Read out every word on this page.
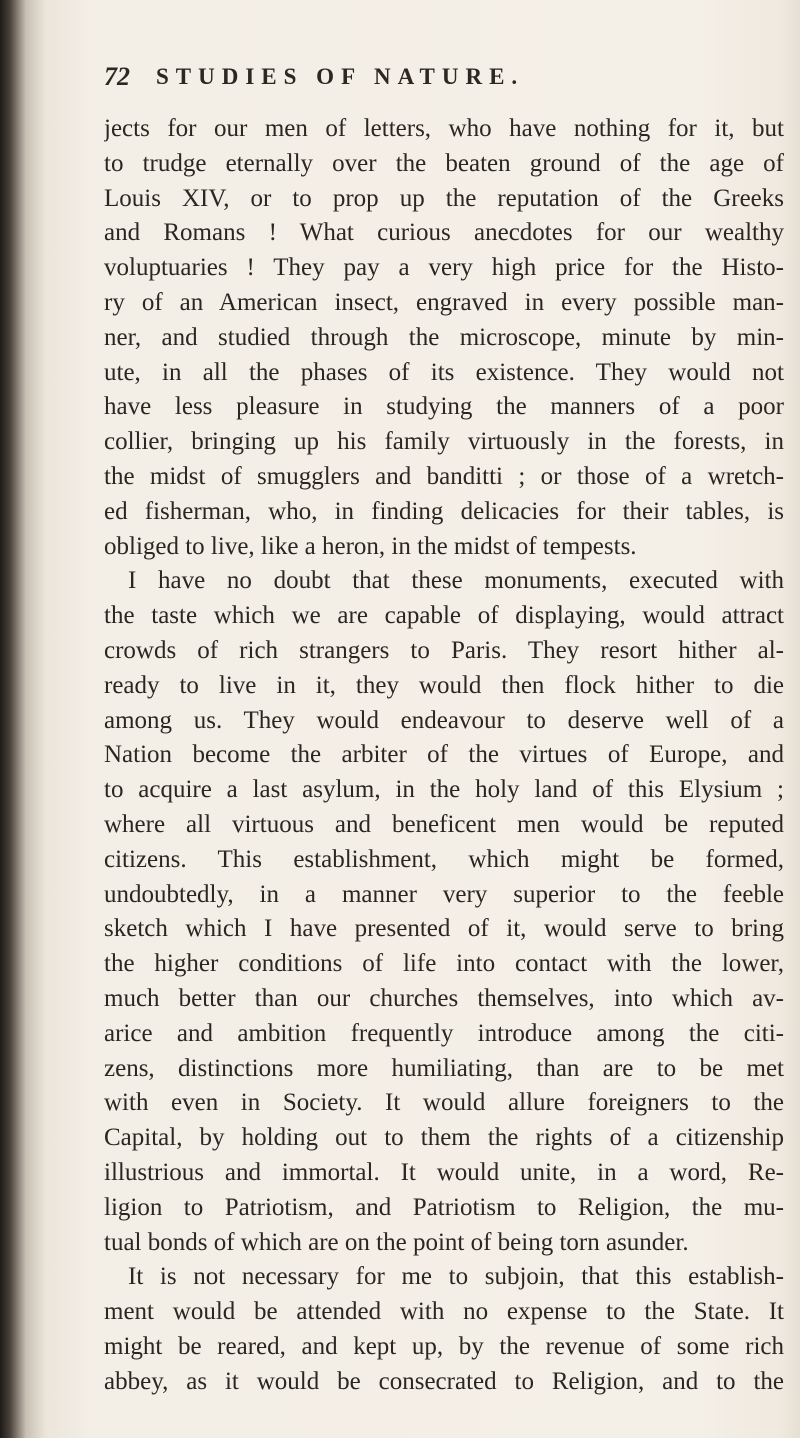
72 STUDIES OF NATURE.
jects for our men of letters, who have nothing for it, but
to trudge eternally over the beaten ground of the age of
Louis XIV, or to prop up the reputation of the Greeks
and Romans ! What curious anecdotes for our wealthy
voluptuaries ! They pay a very high price for the Histo-
ry of an American insect, engraved in every possible man-
ner, and studied through the microscope, minute by min-
ute, in all the phases of its existence. They would not
have less pleasure in studying the manners of a poor
collier, bringing up his family virtuously in the forests, in
the midst of smugglers and banditti ; or those of a wretch-
ed fisherman, who, in finding delicacies for their tables, is
obliged to live, like a heron, in the midst of tempests.
I have no doubt that these monuments, executed with
the taste which we are capable of displaying, would attract
crowds of rich strangers to Paris. They resort hither al-
ready to live in it, they would then flock hither to die
among us. They would endeavour to deserve well of a
Nation become the arbiter of the virtues of Europe, and
to acquire a last asylum, in the holy land of this Elysium ;
where all virtuous and beneficent men would be reputed
citizens. This establishment, which might be formed,
undoubtedly, in a manner very superior to the feeble
sketch which I have presented of it, would serve to bring
the higher conditions of life into contact with the lower,
much better than our churches themselves, into which av-
arice and ambition frequently introduce among the citi-
zens, distinctions more humiliating, than are to be met
with even in Society. It would allure foreigners to the
Capital, by holding out to them the rights of a citizenship
illustrious and immortal. It would unite, in a word, Re-
ligion to Patriotism, and Patriotism to Religion, the mu-
tual bonds of which are on the point of being torn asunder.
It is not necessary for me to subjoin, that this establish-
ment would be attended with no expense to the State. It
might be reared, and kept up, by the revenue of some rich
abbey, as it would be consecrated to Religion, and to the
